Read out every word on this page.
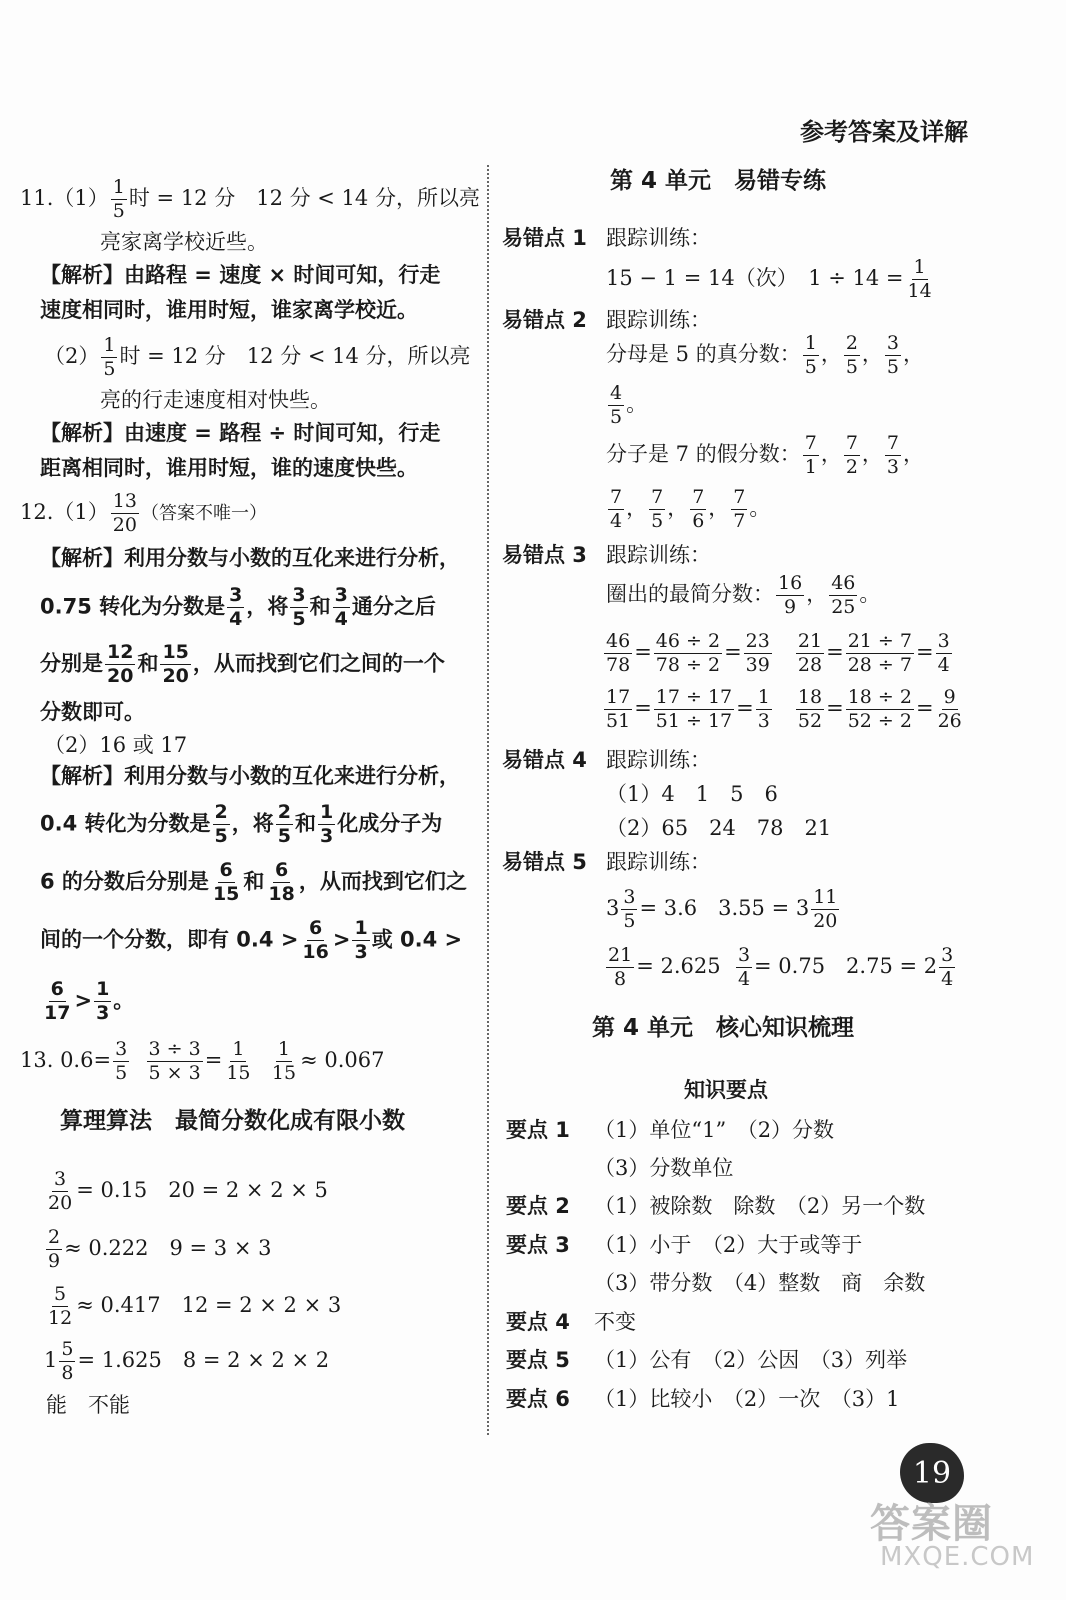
参考答案及详解
$11.(1) \frac{1}{5}$ 时 = 12 分　12 分 < 14 分，所以亮
亮家离学校近些。
【解析】由路程 = 速度 × 时间可知，行走
速度相同时，谁用时短，谁家离学校近。
$(2) \frac{1}{5}$ 时 = 12 分　12 分 < 14 分，所以亮
亮的行走速度相对快些。
【解析】由速度 = 路程 ÷ 时间可知，行走
距离相同时，谁用时短，谁的速度快些。
$12.(1) \frac{13}{20}$ （答案不唯一）
【解析】利用分数与小数的互化来进行分析，
0.75 转化为分数是 $\frac{3}{4}$ ，将 $\frac{3}{5}$ 和 $\frac{3}{4}$ 通分之后
分别是 $\frac{12}{20}$ 和 $\frac{15}{20}$ ，从而找到它们之间的一个
分数即可。
（2）16 或 17
【解析】利用分数与小数的互化来进行分析，
0.4 转化为分数是 $\frac{2}{5}$ ，将 $\frac{2}{5}$ 和 $\frac{1}{3}$ 化成分子为
6 的分数后分别是 $\frac{6}{15}$ 和 $\frac{6}{18}$ ，从而找到它们之
间的一个分数，即有 $0.4 > \frac{6}{16} > \frac{1}{3}$ 或 0.4 >
$\frac{6}{17} > \frac{1}{3}$ 。
13. $0.6= \frac{3}{5}$
$\frac{3 \div 3}{5 \times 3} = \frac{1}{15}$
$\frac{1}{15} \approx 0.067$
算理算法　最简分数化成有限小数
$\frac{3}{20} = 0.15$　20 = 2 × 2 × 5
$\frac{2}{9} \approx 0.222$　9 = 3 × 3
$\frac{5}{12} \approx 0.417$　12 = 2 × 2 × 3
$1 \frac{5}{8} = 1.625$　8 = 2 × 2 × 2
能　不能
第 4 单元　易错专练
易错点 1 跟踪训练：
15 − 1 = 14（次）　$1 \div 14 = \frac{1}{14}$
易错点 2 跟踪训练：
分母是 5 的真分数： $\frac{1}{5}$ ， $\frac{2}{5}$ ， $\frac{3}{5}$ ，
$\frac{4}{5}$ 。
分子是 7 的假分数： $\frac{7}{1}$ ， $\frac{7}{2}$ ， $\frac{7}{3}$ ，
$\frac{7}{4}$ ， $\frac{7}{5}$ ， $\frac{7}{6}$ ， $\frac{7}{7}$ 。
易错点 3 跟踪训练：
圈出的最简分数： $\frac{16}{9}$ ， $\frac{46}{25}$ 。
$\frac{46}{78} = \frac{46 \div 2}{78 \div 2} = \frac{23}{39}$
$\frac{21}{28} = \frac{21 \div 7}{28 \div 7} = \frac{3}{4}$
$\frac{17}{51} = \frac{17 \div 17}{51 \div 17} = \frac{1}{3}$
$\frac{18}{52} = \frac{18 \div 2}{52 \div 2} = \frac{9}{26}$
易错点 4 跟踪训练：
（1）4　1　5　6
（2）65　24　78　21
易错点 5 跟踪训练：
$3 \frac{3}{5} = 3.6$　$3.55 = 3 \frac{11}{20}$
$\frac{21}{8} = 2.625 \frac{3}{4} = 0.75$　$2.75 = 2 \frac{3}{4}$
第 4 单元　核心知识梳理
知识要点
要点 1 （1）单位“1”　（2）分数
（3）分数单位
要点 2 （1）被除数　除数　（2）另一个数
要点 3 （1）小于　（2）大于或等于
（3）带分数　（4）整数　商　余数
要点 4 不变
要点 5 （1）公有　（2）公因　（3）列举
要点 6 （1）比较小　（2）一次　（3）1
19
答案圈
MXQE.COM
